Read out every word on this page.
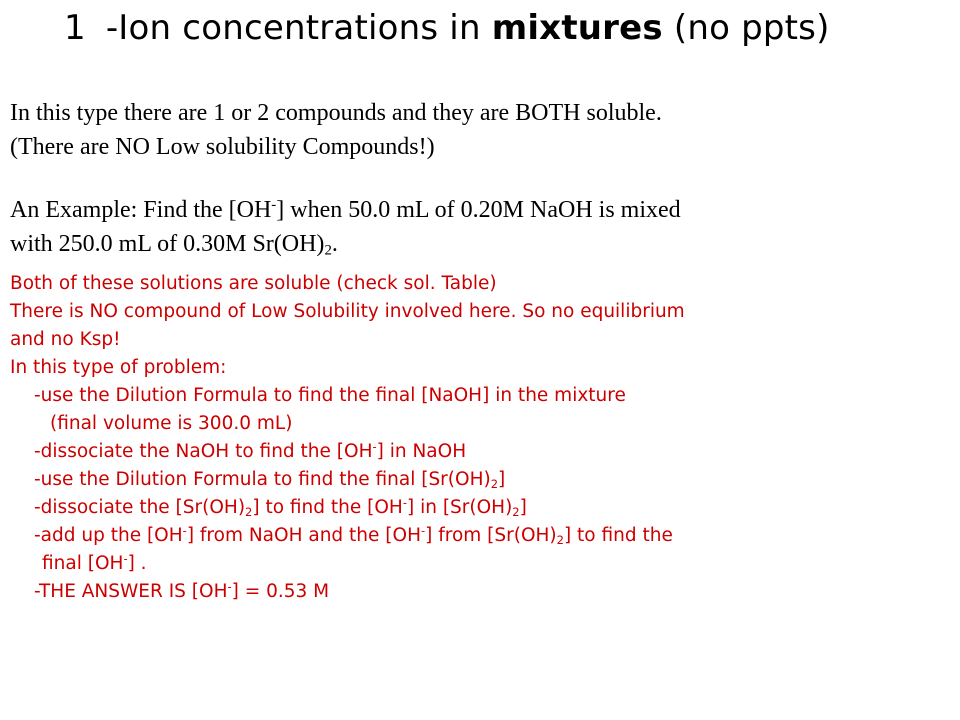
1 -Ion concentrations in mixtures (no ppts)
In this type there are 1 or 2 compounds and they are BOTH soluble.
(There are NO Low solubility Compounds!)
An Example: Find the [OH-] when 50.0 mL of 0.20M NaOH is mixed
with 250.0 mL of 0.30M $Sr(OH)_2$.
Both of these solutions are soluble (check sol. Table)
There is NO compound of Low Solubility involved here. So no equilibrium
and no Ksp!
In this type of problem:
-use the Dilution Formula to find the final [NaOH] in the mixture
(final volume is 300.0 mL)
-dissociate the NaOH to find the [OH-] in NaOH
-use the Dilution Formula to find the final $[Sr(OH)_2]$
-dissociate the $[Sr(OH)_2]$ to find the [OH-] in $[Sr(OH)_2]$
-add up the [OH-] from NaOH and the [OH-] from $[Sr(OH)_2]$ to find the
final [OH-] .
-THE ANSWER IS [OH-] = 0.53 M
